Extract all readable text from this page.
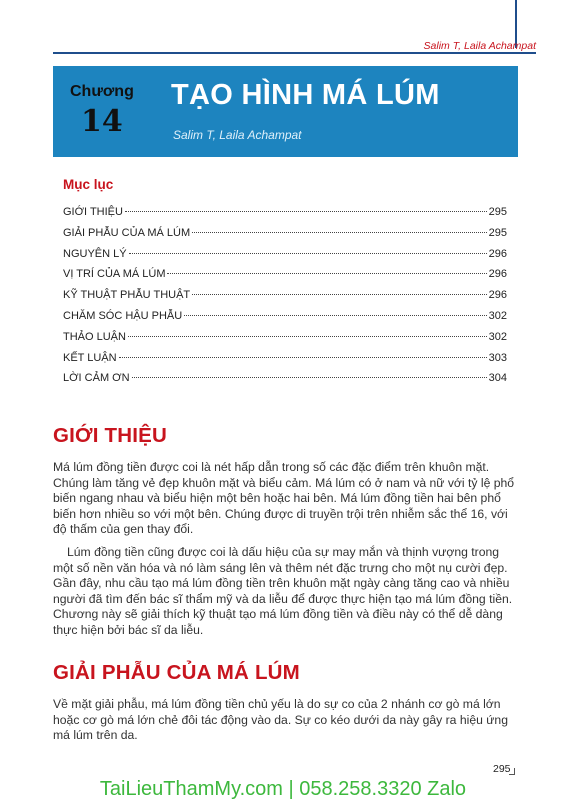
Salim T, Laila Achampat
Chương
14
TẠO HÌNH MÁ LÚM
Salim T, Laila Achampat
Mục lục
GIỚI THIỆU	295
GIẢI PHẪU CỦA MÁ LÚM	295
NGUYÊN LÝ	296
VỊ TRÍ CỦA MÁ LÚM	296
KỸ THUẬT PHẪU THUẬT	296
CHĂM SÓC HẬU PHẪU	302
THẢO LUẬN	302
KẾT LUẬN	303
LỜI CẢM ƠN	304
GIỚI THIỆU

Má lúm đồng tiền được coi là nét hấp dẫn trong số các đặc điểm trên khuôn mặt. Chúng làm tăng vẻ đẹp khuôn mặt và biểu cảm. Má lúm có ở nam và nữ với tỷ lệ phổ biến ngang nhau và biểu hiện một bên hoặc hai bên. Má lúm đồng tiền hai bên phổ biến hơn nhiều so với một bên. Chúng được di truyền trội trên nhiễm sắc thể 16, với độ thấm của gen thay đổi.

Lúm đồng tiền cũng được coi là dấu hiệu của sự may mắn và thịnh vượng trong một số nền văn hóa và nó làm sáng lên và thêm nét đặc trưng cho một nụ cười đẹp. Gần đây, nhu cầu tạo má lúm đồng tiền trên khuôn mặt ngày càng tăng cao và nhiều người đã tìm đến bác sĩ thẩm mỹ và da liễu để được thực hiện tạo má lúm đồng tiền. Chương này sẽ giải thích kỹ thuật tạo má lúm đồng tiền và điều này có thể dễ dàng thực hiện bởi bác sĩ da liễu.

GIẢI PHẪU CỦA MÁ LÚM

Về mặt giải phẫu, má lúm đồng tiền chủ yếu là do sự co của 2 nhánh cơ gò má lớn hoặc cơ gò má lớn chẻ đôi tác động vào da. Sự co kéo dưới da này gây ra hiệu ứng má lúm trên da.

295
TaiLieuThamMy.com | 058.258.3320 Zalo
